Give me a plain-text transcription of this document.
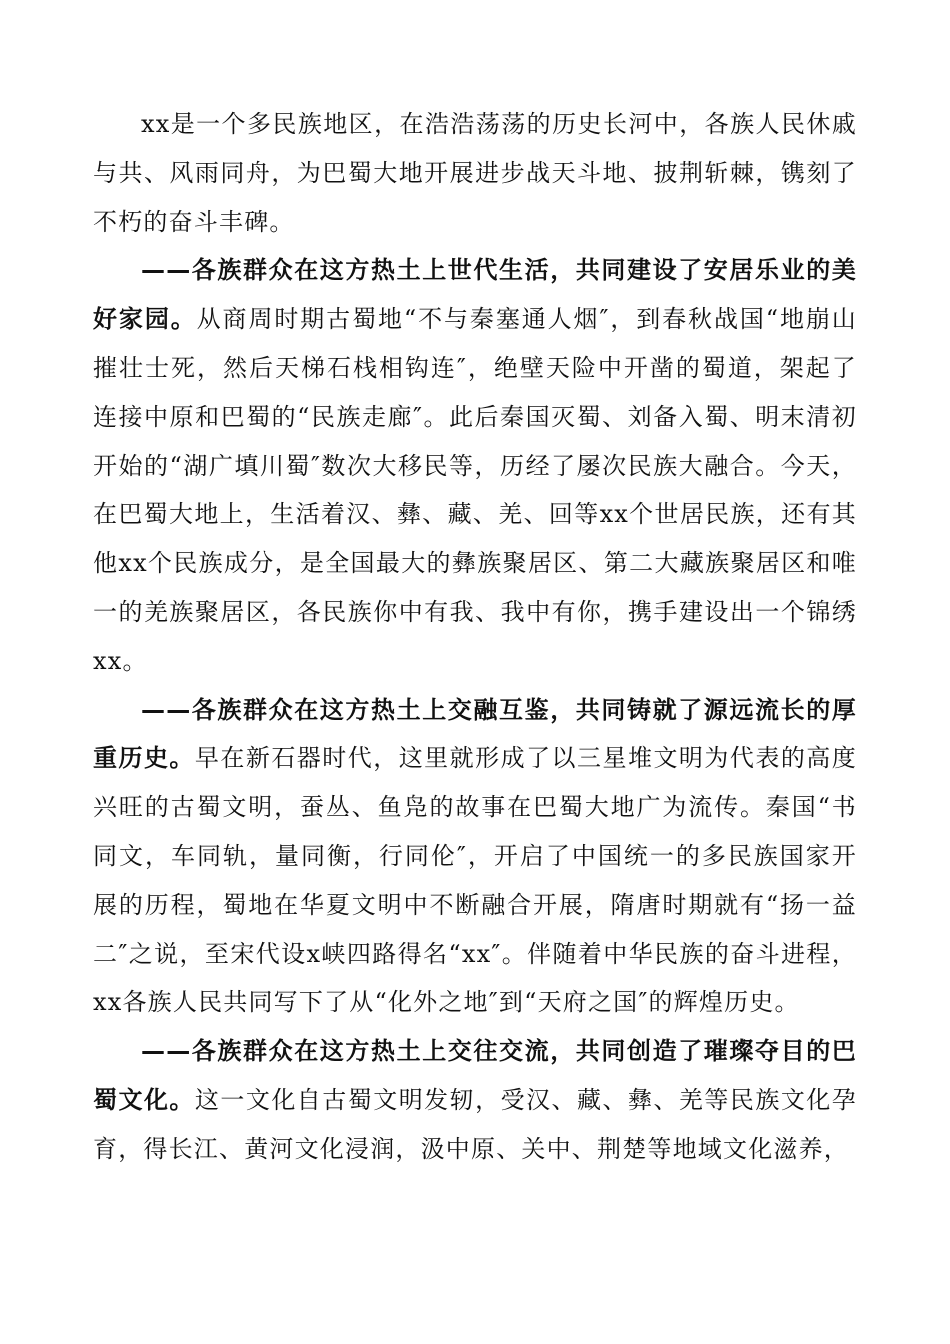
xx是一个多民族地区，在浩浩荡荡的历史长河中，各族人民休戚与共、风雨同舟，为巴蜀大地开展进步战天斗地、披荆斩棘，镌刻了不朽的奋斗丰碑。

——各族群众在这方热土上世代生活，共同建设了安居乐业的美好家园。从商周时期古蜀地“不与秦塞通人烟″，到春秋战国“地崩山摧壮士死，然后天梯石栈相钩连″，绝壁天险中开凿的蜀道，架起了连接中原和巴蜀的“民族走廊″。此后秦国灭蜀、刘备入蜀、明末清初开始的“湖广填川蜀″数次大移民等，历经了屡次民族大融合。今天，在巴蜀大地上，生活着汉、彝、藏、羌、回等xx个世居民族，还有其他xx个民族成分，是全国最大的彝族聚居区、第二大藏族聚居区和唯一的羌族聚居区，各民族你中有我、我中有你，携手建设出一个锦绣xx。

——各族群众在这方热土上交融互鉴，共同铸就了源远流长的厚重历史。早在新石器时代，这里就形成了以三星堆文明为代表的高度兴旺的古蜀文明，蚕丛、鱼凫的故事在巴蜀大地广为流传。秦国“书同文，车同轨，量同衡，行同伦″，开启了中国统一的多民族国家开展的历程，蜀地在华夏文明中不断融合开展，隋唐时期就有“扬一益二″之说，至宋代设x峡四路得名“xx″。伴随着中华民族的奋斗进程，xx各族人民共同写下了从“化外之地″到“天府之国″的辉煌历史。

——各族群众在这方热土上交往交流，共同创造了璀璨夺目的巴蜀文化。这一文化自古蜀文明发轫，受汉、藏、彝、羌等民族文化孕育，得长江、黄河文化浸润，汲中原、关中、荆楚等地域文化滋养，
